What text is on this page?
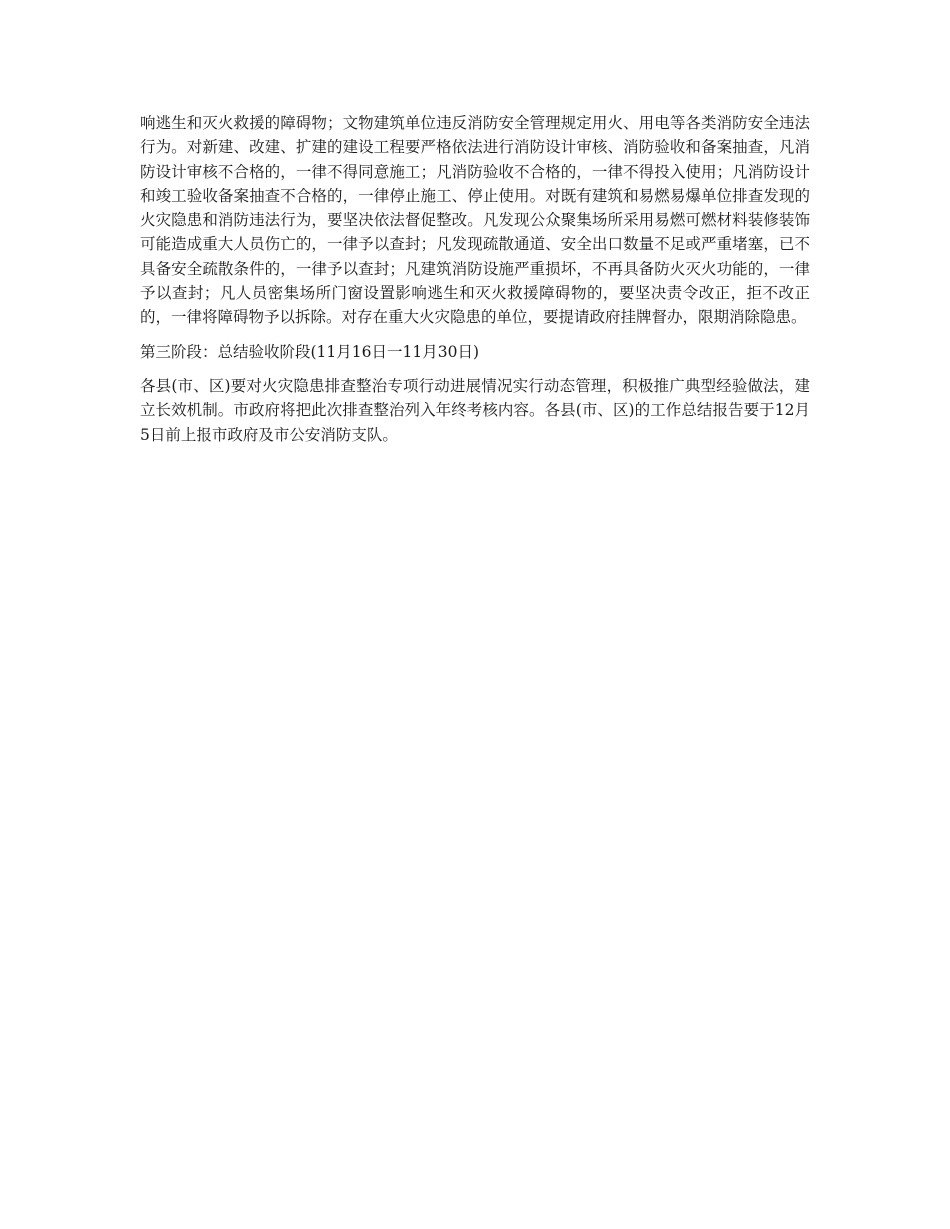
响逃生和灭火救援的障碍物；文物建筑单位违反消防安全管理规定用火、用电等各类消防安全违法行为。对新建、改建、扩建的建设工程要严格依法进行消防设计审核、消防验收和备案抽查，凡消防设计审核不合格的，一律不得同意施工；凡消防验收不合格的，一律不得投入使用；凡消防设计和竣工验收备案抽查不合格的，一律停止施工、停止使用。对既有建筑和易燃易爆单位排查发现的火灾隐患和消防违法行为，要坚决依法督促整改。凡发现公众聚集场所采用易燃可燃材料装修装饰可能造成重大人员伤亡的，一律予以查封；凡发现疏散通道、安全出口数量不足或严重堵塞，已不具备安全疏散条件的，一律予以查封；凡建筑消防设施严重损坏，不再具备防火灭火功能的，一律予以查封；凡人员密集场所门窗设置影响逃生和灭火救援障碍物的，要坚决责令改正，拒不改正的，一律将障碍物予以拆除。对存在重大火灾隐患的单位，要提请政府挂牌督办，限期消除隐患。

第三阶段：总结验收阶段(11月16日一11月30日)

各县(市、区)要对火灾隐患排查整治专项行动进展情况实行动态管理，积极推广典型经验做法，建立长效机制。市政府将把此次排查整治列入年终考核内容。各县(市、区)的工作总结报告要于12月5日前上报市政府及市公安消防支队。
